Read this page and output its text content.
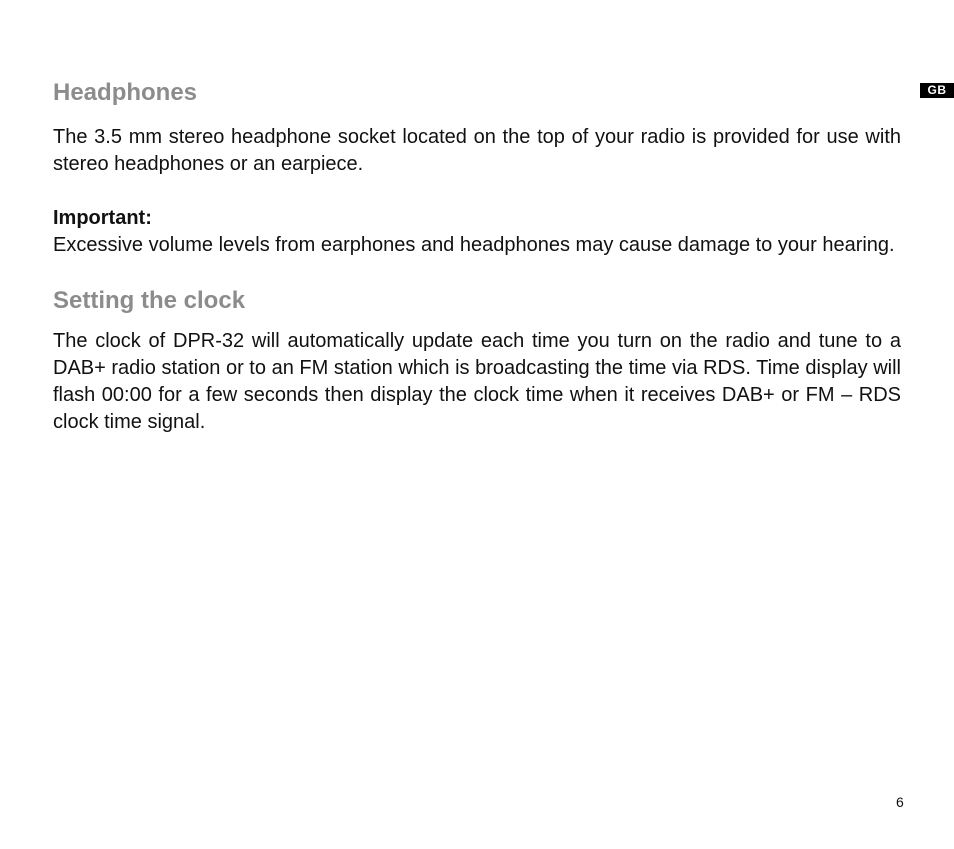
GB
Headphones

The 3.5 mm stereo headphone socket located on the top of your radio is provided for use with stereo headphones or an earpiece.

Important:

Excessive volume levels from earphones and headphones may cause damage to your hearing.

Setting the clock

The clock of DPR-32 will automatically update each time you turn on the radio and tune to a DAB+ radio station or to an FM station which is broadcasting the time via RDS. Time display will flash 00:00 for a few seconds then display the clock time when it receives DAB+ or FM – RDS clock time signal.

6
